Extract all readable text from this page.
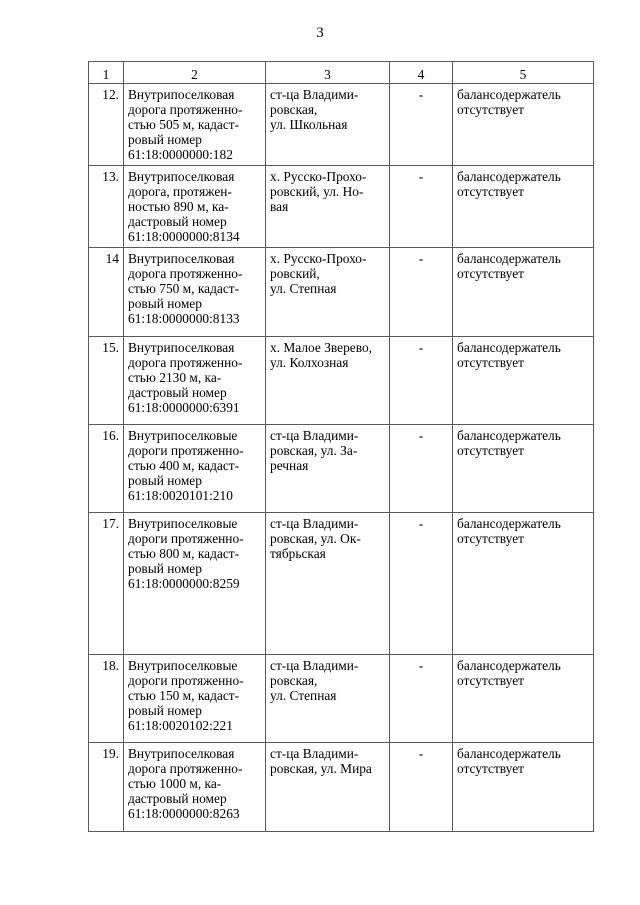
3
1	2	3	4	5
12.	Внутрипоселковая
дорога протяженно-
стью 505 м, кадаст-
ровый номер
61:18:0000000:182	ст-ца Владими-
ровская,
ул. Школьная	-	балансодержатель
отсутствует
13.	Внутрипоселковая
дорога, протяжен-
ностью 890 м, ка-
дастровый номер
61:18:0000000:8134	х. Русско-Прохо-
ровский, ул. Но-
вая	-	балансодержатель
отсутствует
14	Внутрипоселковая
дорога протяженно-
стью 750 м, кадаст-
ровый номер
61:18:0000000:8133	х. Русско-Прохо-
ровский,
ул. Степная	-	балансодержатель
отсутствует
15.	Внутрипоселковая
дорога протяженно-
стью 2130 м, ка-
дастровый номер
61:18:0000000:6391	х. Малое Зверево,
ул. Колхозная	-	балансодержатель
отсутствует
16.	Внутрипоселковые
дороги протяженно-
стью 400 м, кадаст-
ровый номер
61:18:0020101:210	ст-ца Владими-
ровская, ул. За-
речная	-	балансодержатель
отсутствует
17.	Внутрипоселковые
дороги протяженно-
стью 800 м, кадаст-
ровый номер
61:18:0000000:8259	ст-ца Владими-
ровская, ул. Ок-
тябрьская	-	балансодержатель
отсутствует
18.	Внутрипоселковые
дороги протяженно-
стью 150 м, кадаст-
ровый номер
61:18:0020102:221	ст-ца Владими-
ровская,
ул. Степная	-	балансодержатель
отсутствует
19.	Внутрипоселковая
дорога протяженно-
стью 1000 м, ка-
дастровый номер
61:18:0000000:8263	ст-ца Владими-
ровская, ул. Мира	-	балансодержатель
отсутствует
